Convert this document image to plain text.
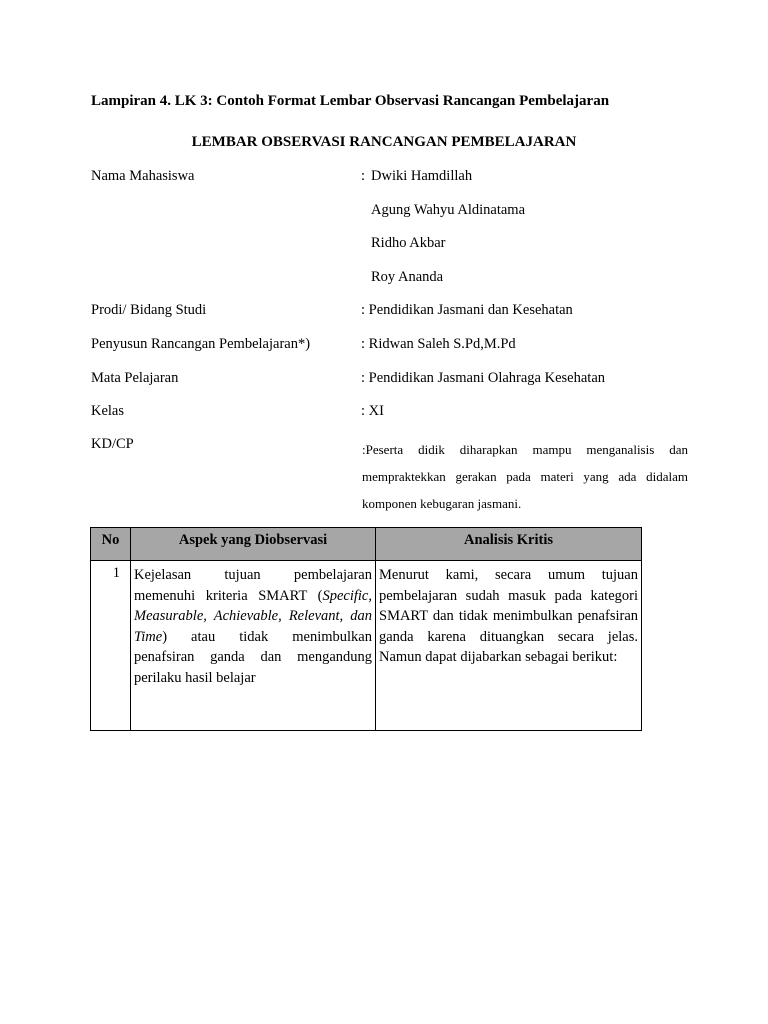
Lampiran 4. LK 3: Contoh Format Lembar Observasi Rancangan Pembelajaran
LEMBAR OBSERVASI RANCANGAN PEMBELAJARAN
Nama Mahasiswa	: Dwiki Hamdillah
Agung Wahyu Aldinatama
Ridho Akbar
Roy Ananda
Prodi/ Bidang Studi	: Pendidikan Jasmani dan Kesehatan
Penyusun Rancangan Pembelajaran*)	: Ridwan Saleh S.Pd,M.Pd
Mata Pelajaran	: Pendidikan Jasmani Olahraga Kesehatan
Kelas	: XI
KD/CP	:Peserta didik diharapkan mampu menganalisis dan
mempraktekkan gerakan pada materi yang ada didalam
komponen kebugaran jasmani.
No	Aspek yang Diobservasi	Analisis Kritis
1	Kejelasan tujuan pembelajaran memenuhi kriteria SMART (Specific, Measurable, Achievable, Relevant, dan Time) atau tidak menimbulkan penafsiran ganda dan mengandung perilaku hasil belajar	Menurut kami, secara umum tujuan pembelajaran sudah masuk pada kategori SMART dan tidak menimbulkan penafsiran ganda karena dituangkan secara jelas. Namun dapat dijabarkan sebagai berikut:
